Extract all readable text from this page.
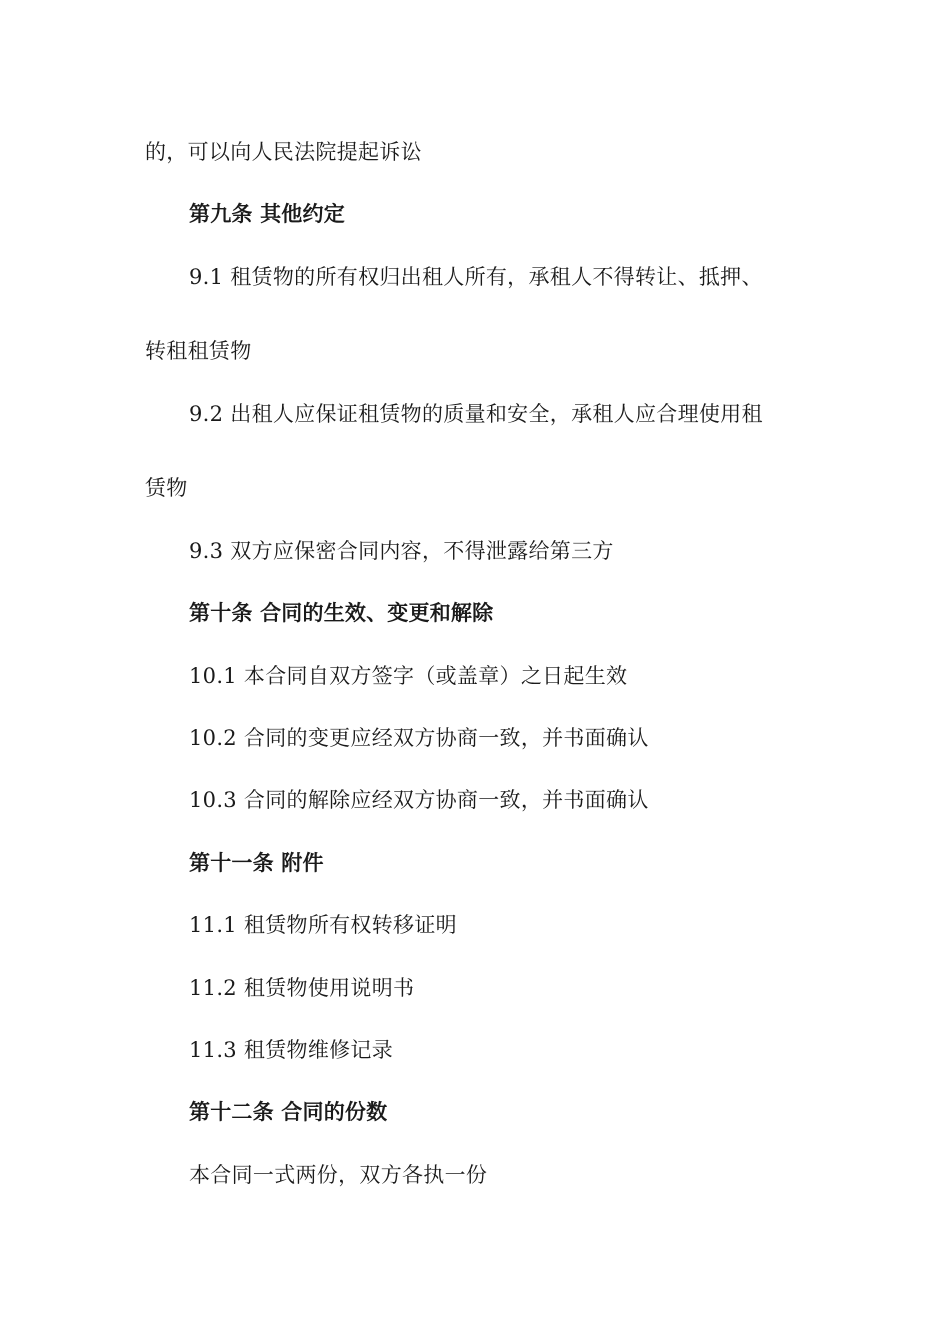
的，可以向人民法院提起诉讼
第九条 其他约定
9.1 租赁物的所有权归出租人所有，承租人不得转让、抵押、
转租租赁物
9.2 出租人应保证租赁物的质量和安全，承租人应合理使用租
赁物
9.3 双方应保密合同内容，不得泄露给第三方
第十条 合同的生效、变更和解除
10.1 本合同自双方签字（或盖章）之日起生效
10.2 合同的变更应经双方协商一致，并书面确认
10.3 合同的解除应经双方协商一致，并书面确认
第十一条 附件
11.1 租赁物所有权转移证明
11.2 租赁物使用说明书
11.3 租赁物维修记录
第十二条 合同的份数
本合同一式两份，双方各执一份
